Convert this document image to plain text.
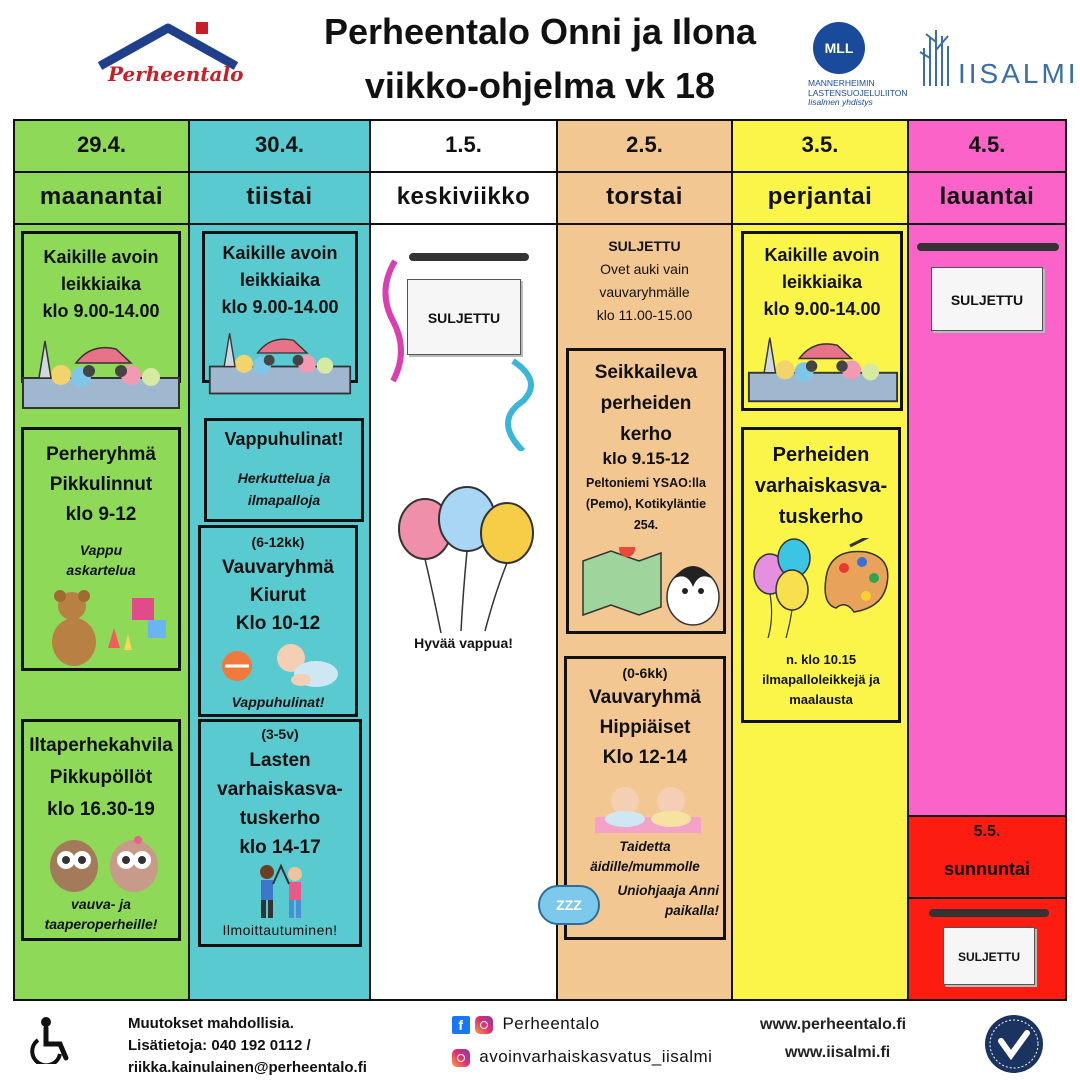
Perheentalo
Perheentalo Onni ja Ilona
viikko-ohjelma vk 18
MLL
MANNERHEIMIN
LASTENSUOJELULIITON
Iisalmen yhdistys
IISALMI
29.4.
maanantai
Kaikille avoin
leikkiaika
klo 9.00-14.00
Perheryhmä
Pikkulinnut
klo 9-12
Vappu
askartelua
Iltaperhekahvila
Pikkupöllöt
klo 16.30-19
vauva- ja
taaperoperheille!
30.4.
tiistai
Kaikille avoin
leikkiaika
klo 9.00-14.00
Vappuhulinat!
Herkuttelua ja
ilmapalloja
(6-12kk)
Vauvaryhmä
Kiurut
Klo 10-12
Vappuhulinat!
(3-5v)
Lasten
varhaiskasva-
tuskerho
klo 14-17
Ilmoittautuminen!
1.5.
keskiviikko
SULJETTU
Hyvää vappua!
2.5.
torstai
SULJETTU
Ovet auki vain
vauvaryhmälle
klo 11.00-15.00
Seikkaileva
perheiden
kerho
klo 9.15-12
Peltoniemi YSAO:lla
(Pemo), Kotikyläntie
254.
(0-6kk)
Vauvaryhmä
Hippiäiset
Klo 12-14
Taidetta
äidille/mummolle
Uniohjaaja Anni
paikalla!
ZZZ
3.5.
perjantai
Kaikille avoin
leikkiaika
klo 9.00-14.00
Perheiden
varhaiskasva-
tuskerho
n. klo 10.15
ilmapalloleikkejä ja
maalausta
4.5.
lauantai
SULJETTU
5.5.
sunnuntai
SULJETTU
Muutokset mahdollisia.
Lisätietoja: 040 192 0112 /
riikka.kainulainen@perheentalo.fi
f Perheentalo
avoinvarhaiskasvatus_iisalmi
www.perheentalo.fi
www.iisalmi.fi
